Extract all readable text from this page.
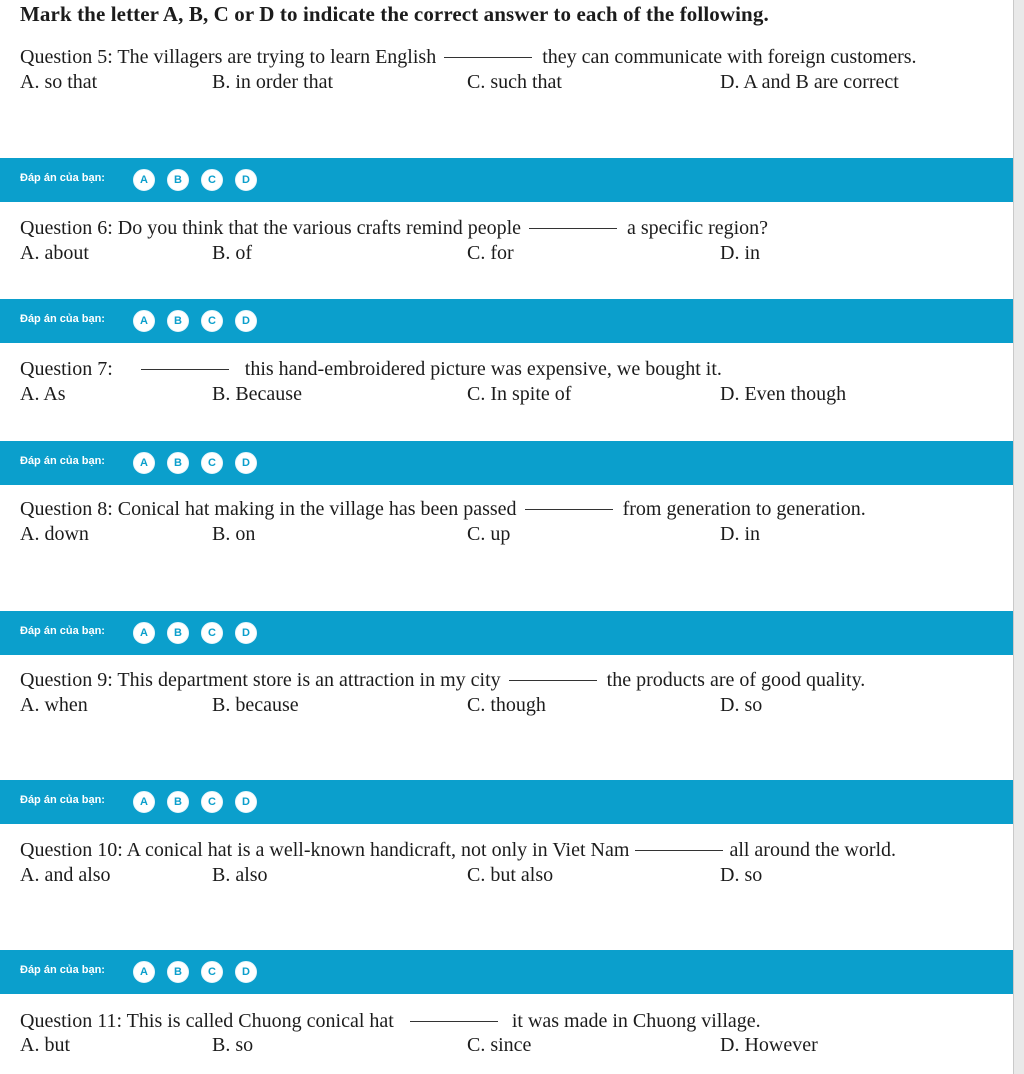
Mark the letter A, B, C or D to indicate the correct answer to each of the following.

Question 5: The villagers are trying to learn English	they can communicate with foreign customers.

A. so that	B. in order that	C. such that	D. A and B are correct
Đáp án của bạn:	A	B	C	D

Question 6: Do you think that the various crafts remind people	a specific region?

A. about	B. of	C. for	D. in
Đáp án của bạn:	A	B	C	D

Question 7:	this hand-embroidered picture was expensive, we bought it.

A. As	B. Because	C. In spite of	D. Even though
Đáp án của bạn:	A	B	C	D

Question 8: Conical hat making in the village has been passed	from generation to generation.

A. down	B. on	C. up	D. in
Đáp án của bạn:	A	B	C	D

Question 9: This department store is an attraction in my city	the products are of good quality.

A. when	B. because	C. though	D. so
Đáp án của bạn:	A	B	C	D

Question 10: A conical hat is a well-known handicraft, not only in Viet Nam	all around the world.

A. and also	B. also	C. but also	D. so
Đáp án của bạn:	A	B	C	D

Question 11: This is called Chuong conical hat	it was made in Chuong village.

A. but	B. so	C. since	D. However
